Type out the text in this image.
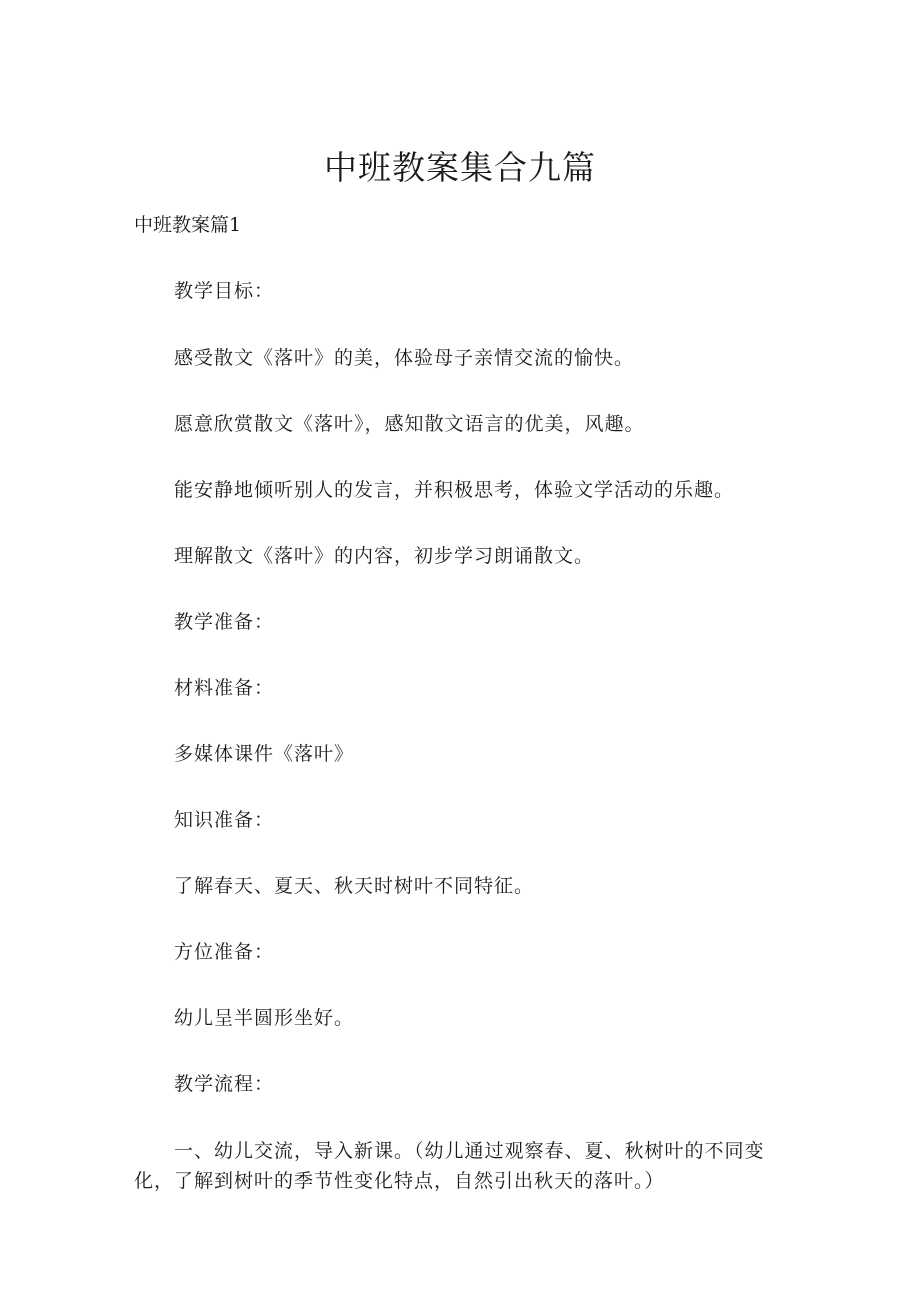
中班教案集合九篇
中班教案篇1

教学目标：

感受散文《落叶》的美，体验母子亲情交流的愉快。

愿意欣赏散文《落叶》，感知散文语言的优美，风趣。

能安静地倾听别人的发言，并积极思考，体验文学活动的乐趣。

理解散文《落叶》的内容，初步学习朗诵散文。

教学准备：

材料准备：

多媒体课件《落叶》

知识准备：

了解春天、夏天、秋天时树叶不同特征。

方位准备：

幼儿呈半圆形坐好。

教学流程：

一、幼儿交流，导入新课。（幼儿通过观察春、夏、秋树叶的不同变化，了解到树叶的季节性变化特点，自然引出秋天的落叶。）
